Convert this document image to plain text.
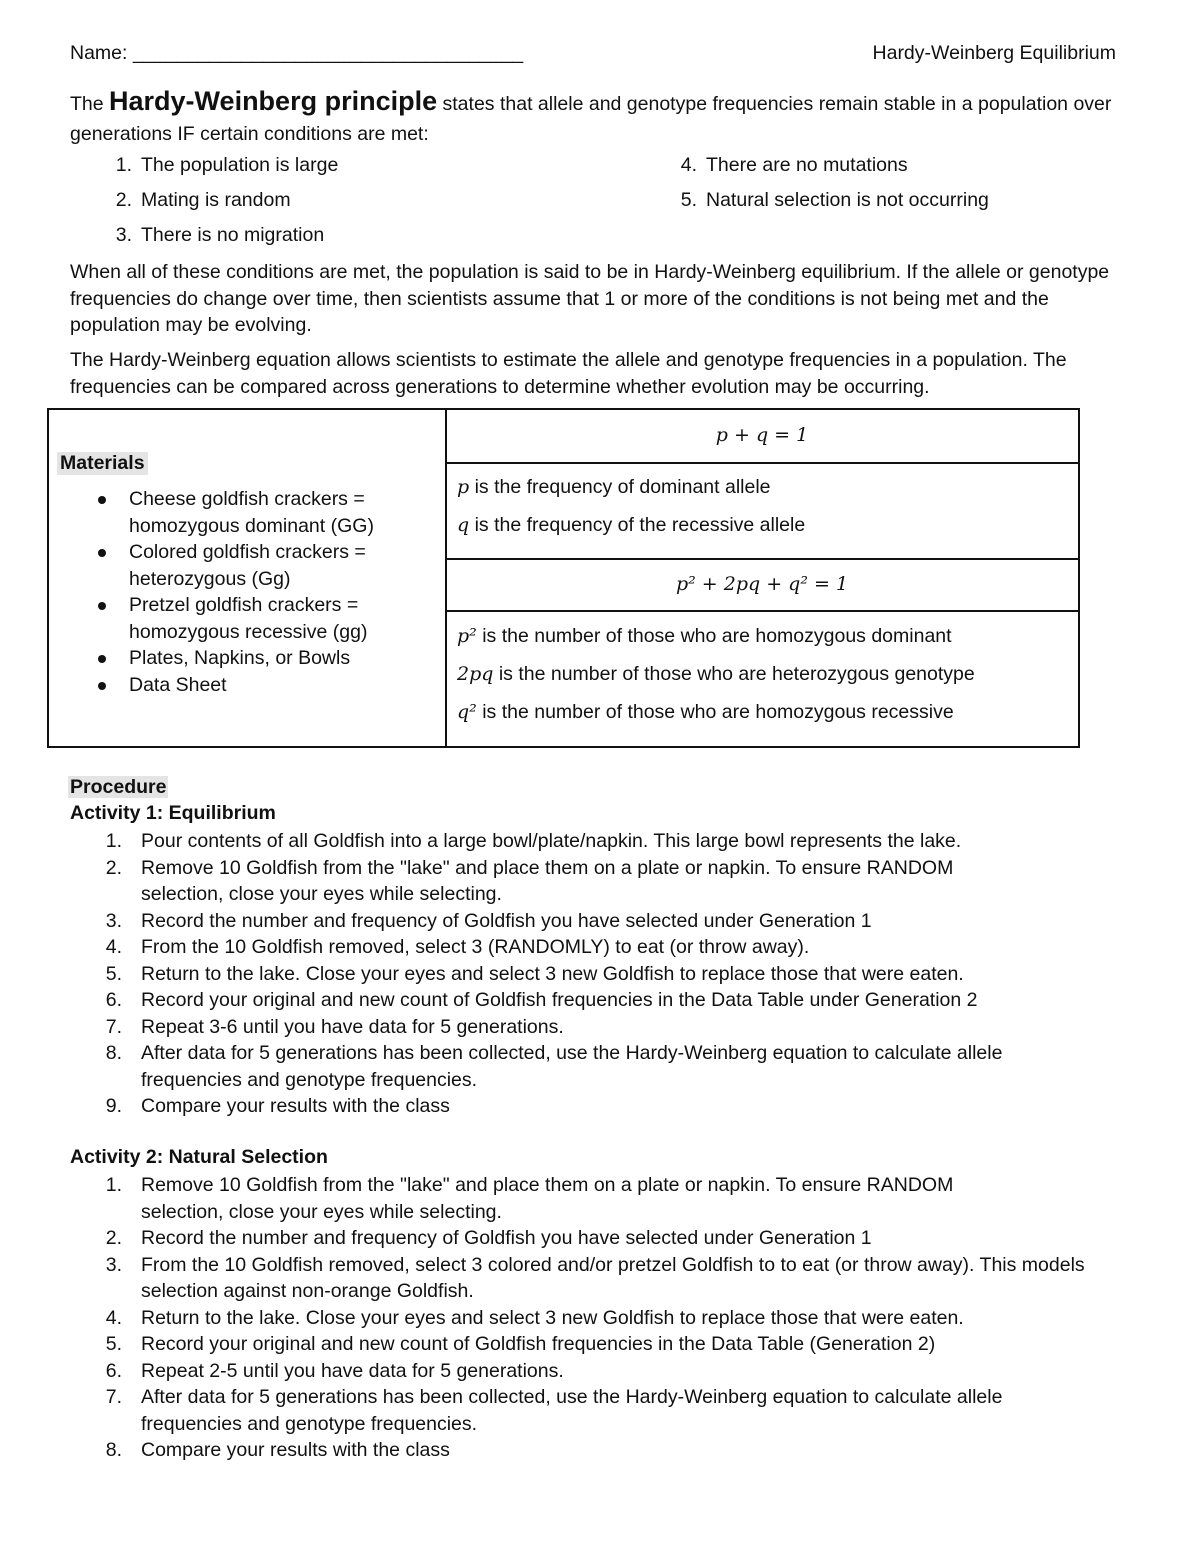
Name: ____________________________________	Hardy-Weinberg Equilibrium
The Hardy-Weinberg principle states that allele and genotype frequencies remain stable in a population over generations IF certain conditions are met:
1. The population is large
2. Mating is random
3. There is no migration
4. There are no mutations
5. Natural selection is not occurring
When all of these conditions are met, the population is said to be in Hardy-Weinberg equilibrium. If the allele or genotype frequencies do change over time, then scientists assume that 1 or more of the conditions is not being met and the population may be evolving.
The Hardy-Weinberg equation allows scientists to estimate the allele and genotype frequencies in a population. The frequencies can be compared across generations to determine whether evolution may be occurring.
Materials
Cheese goldfish crackers = homozygous dominant (GG)
Colored goldfish crackers = heterozygous (Gg)
Pretzel goldfish crackers = homozygous recessive (gg)
Plates, Napkins, or Bowls
Data Sheet
p + q = 1
p is the frequency of dominant allele
q is the frequency of the recessive allele
p² + 2pq + q² = 1
p² is the number of those who are homozygous dominant
2pq is the number of those who are heterozygous genotype
q² is the number of those who are homozygous recessive
Procedure
Activity 1: Equilibrium
1. Pour contents of all Goldfish into a large bowl/plate/napkin. This large bowl represents the lake.
2. Remove 10 Goldfish from the "lake" and place them on a plate or napkin. To ensure RANDOM selection, close your eyes while selecting.
3. Record the number and frequency of Goldfish you have selected under Generation 1
4. From the 10 Goldfish removed, select 3 (RANDOMLY) to eat (or throw away).
5. Return to the lake. Close your eyes and select 3 new Goldfish to replace those that were eaten.
6. Record your original and new count of Goldfish frequencies in the Data Table under Generation 2
7. Repeat 3-6 until you have data for 5 generations.
8. After data for 5 generations has been collected, use the Hardy-Weinberg equation to calculate allele frequencies and genotype frequencies.
9. Compare your results with the class
Activity 2: Natural Selection
1. Remove 10 Goldfish from the "lake" and place them on a plate or napkin. To ensure RANDOM selection, close your eyes while selecting.
2. Record the number and frequency of Goldfish you have selected under Generation 1
3. From the 10 Goldfish removed, select 3 colored and/or pretzel Goldfish to to eat (or throw away). This models selection against non-orange Goldfish.
4. Return to the lake. Close your eyes and select 3 new Goldfish to replace those that were eaten.
5. Record your original and new count of Goldfish frequencies in the Data Table (Generation 2)
6. Repeat 2-5 until you have data for 5 generations.
7. After data for 5 generations has been collected, use the Hardy-Weinberg equation to calculate allele frequencies and genotype frequencies.
8. Compare your results with the class
